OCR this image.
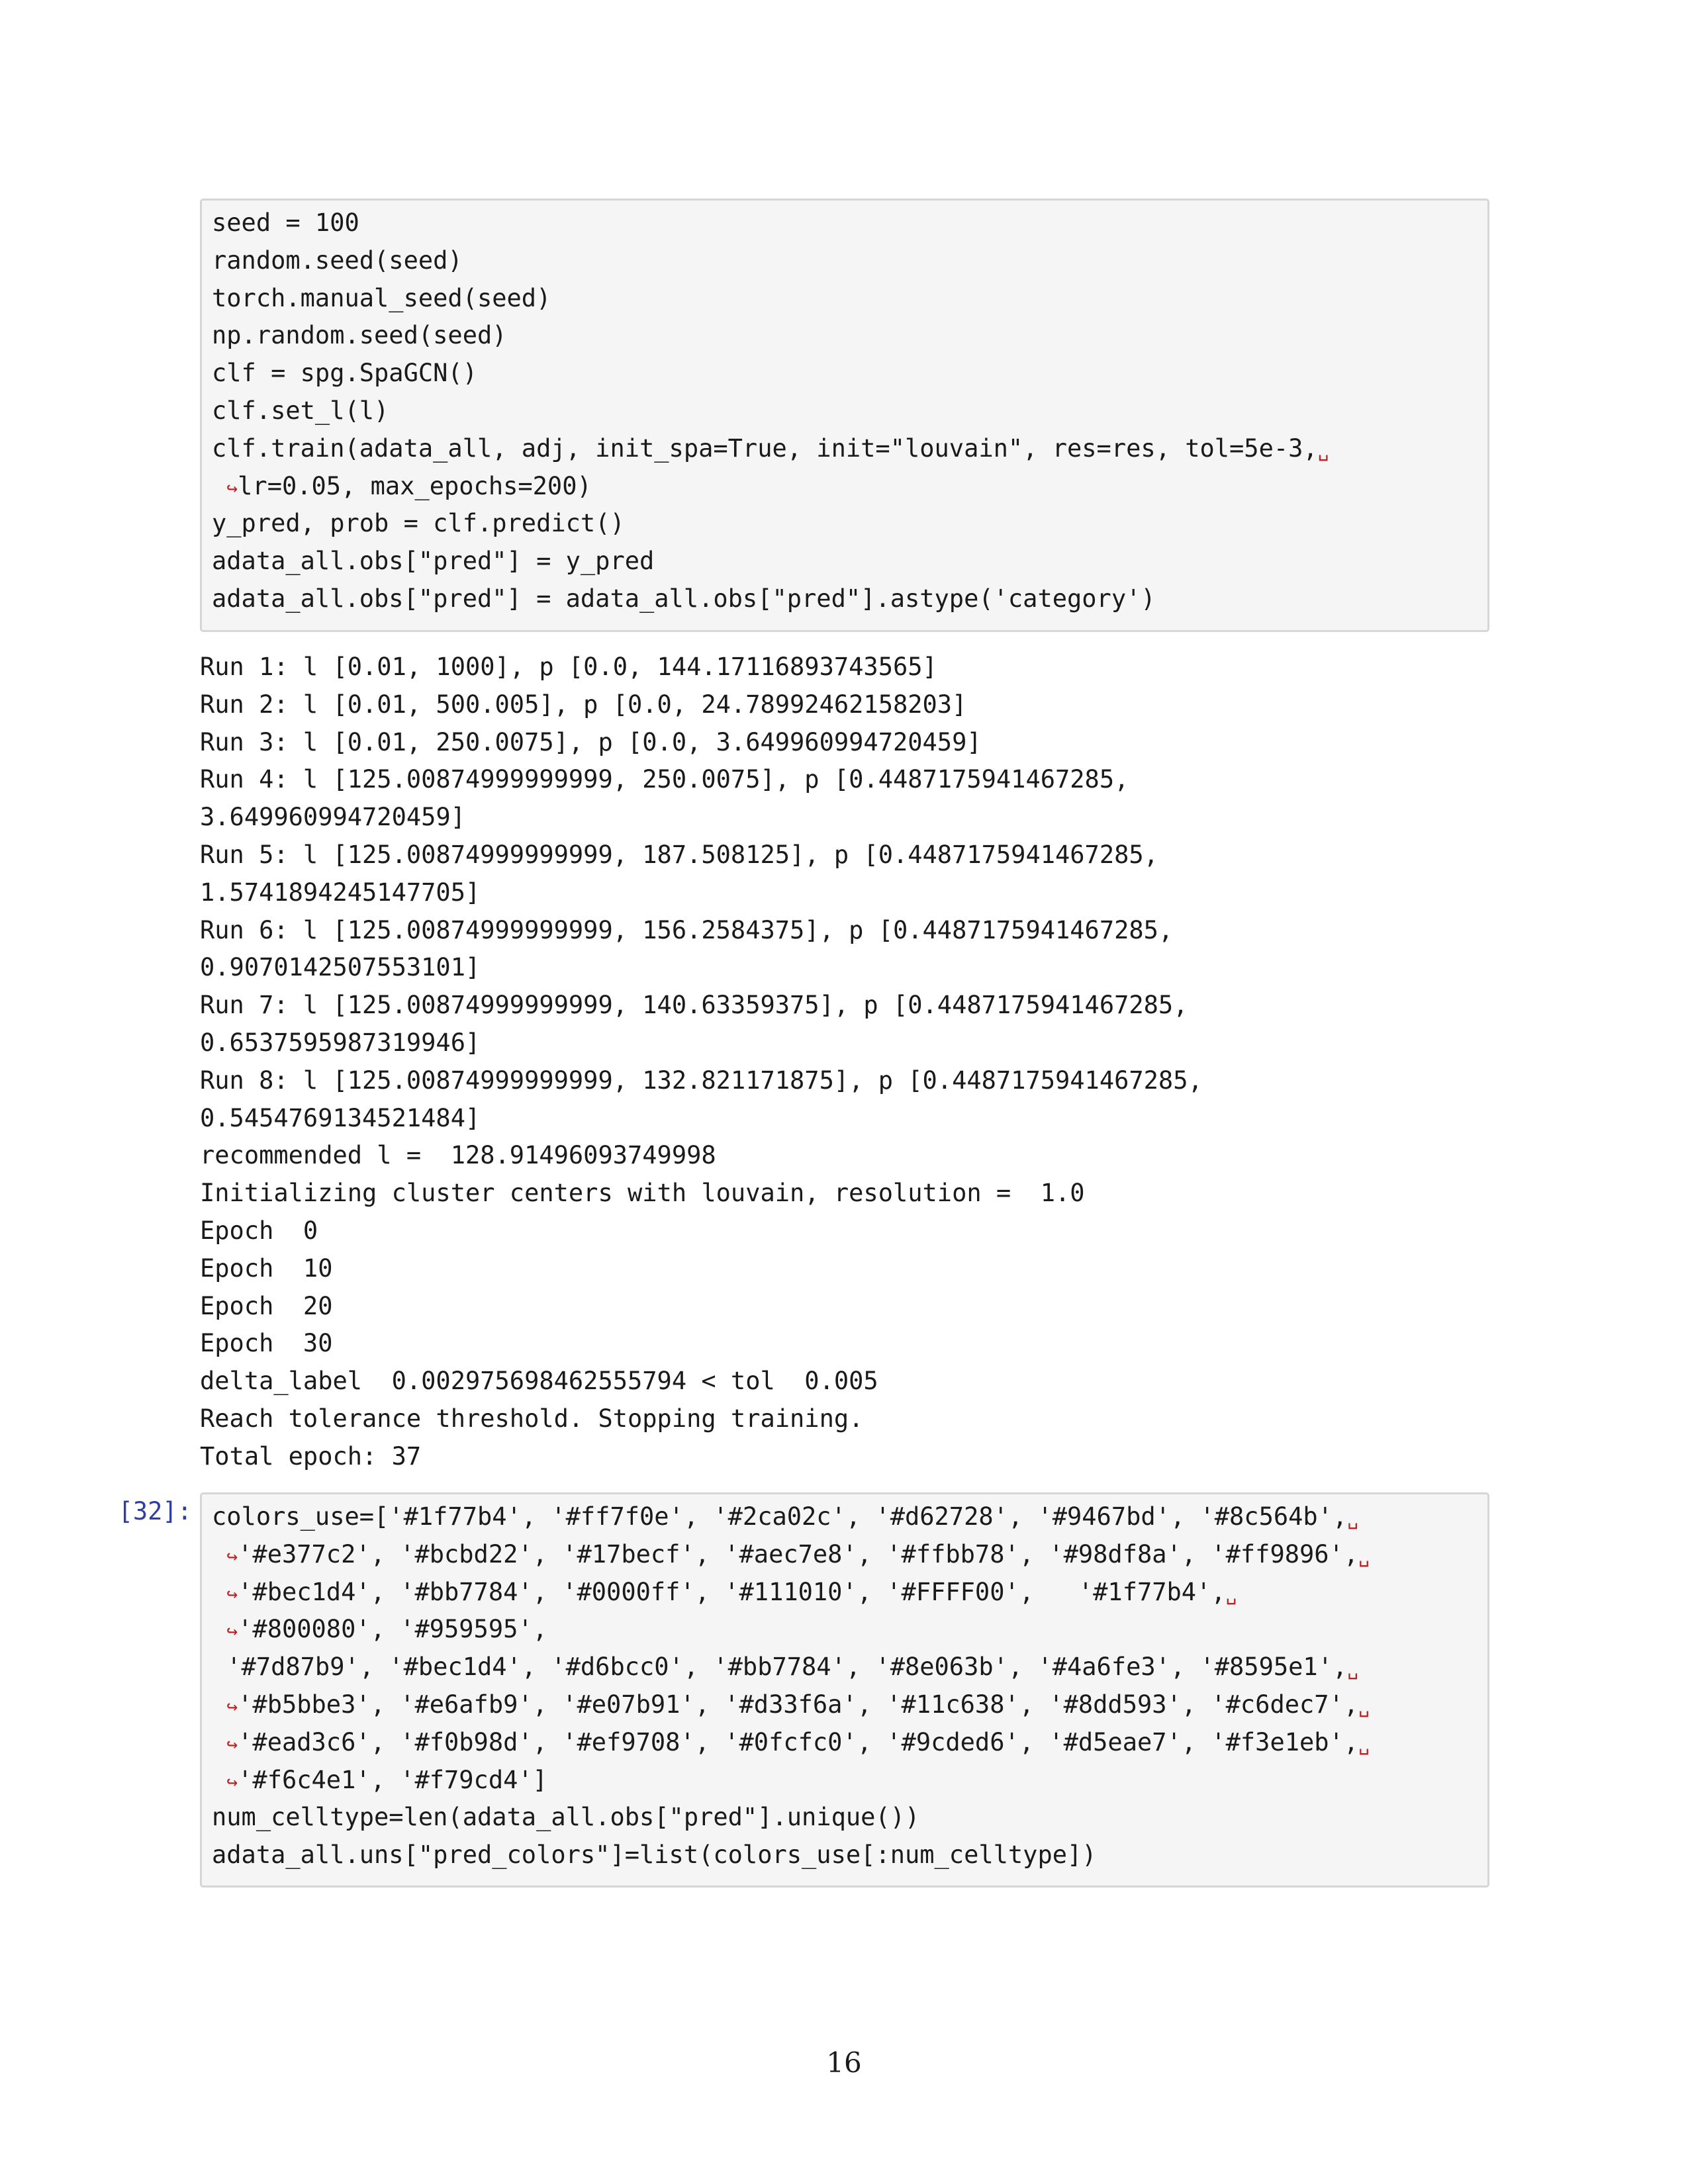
seed = 100
random.seed(seed)
torch.manual_seed(seed)
np.random.seed(seed)
clf = spg.SpaGCN()
clf.set_l(l)
clf.train(adata_all, adj, init_spa=True, init="louvain", res=res, tol=5e-3,␣
↪lr=0.05, max_epochs=200)
y_pred, prob = clf.predict()
adata_all.obs["pred"] = y_pred
adata_all.obs["pred"] = adata_all.obs["pred"].astype('category')
Run 1: l [0.01, 1000], p [0.0, 144.17116893743565]
Run 2: l [0.01, 500.005], p [0.0, 24.78992462158203]
Run 3: l [0.01, 250.0075], p [0.0, 3.649960994720459]
Run 4: l [125.00874999999999, 250.0075], p [0.4487175941467285,
3.649960994720459]
Run 5: l [125.00874999999999, 187.508125], p [0.4487175941467285,
1.5741894245147705]
Run 6: l [125.00874999999999, 156.2584375], p [0.4487175941467285,
0.9070142507553101]
Run 7: l [125.00874999999999, 140.63359375], p [0.4487175941467285,
0.6537595987319946]
Run 8: l [125.00874999999999, 132.821171875], p [0.4487175941467285,
0.5454769134521484]
recommended l =  128.91496093749998
Initializing cluster centers with louvain, resolution =  1.0
Epoch  0
Epoch  10
Epoch  20
Epoch  30
delta_label  0.002975698462555794 < tol  0.005
Reach tolerance threshold. Stopping training.
Total epoch: 37
[32]: colors_use=['#1f77b4', '#ff7f0e', '#2ca02c', '#d62728', '#9467bd', '#8c564b',␣
↪'#e377c2', '#bcbd22', '#17becf', '#aec7e8', '#ffbb78', '#98df8a', '#ff9896',␣
↪'#bec1d4', '#bb7784', '#0000ff', '#111010', '#FFFF00',   '#1f77b4',␣
↪'#800080', '#959595',
'#7d87b9', '#bec1d4', '#d6bcc0', '#bb7784', '#8e063b', '#4a6fe3', '#8595e1',␣
↪'#b5bbe3', '#e6afb9', '#e07b91', '#d33f6a', '#11c638', '#8dd593', '#c6dec7',␣
↪'#ead3c6', '#f0b98d', '#ef9708', '#0fcfc0', '#9cded6', '#d5eae7', '#f3e1eb',␣
↪'#f6c4e1', '#f79cd4']
num_celltype=len(adata_all.obs["pred"].unique())
adata_all.uns["pred_colors"]=list(colors_use[:num_celltype])
16
